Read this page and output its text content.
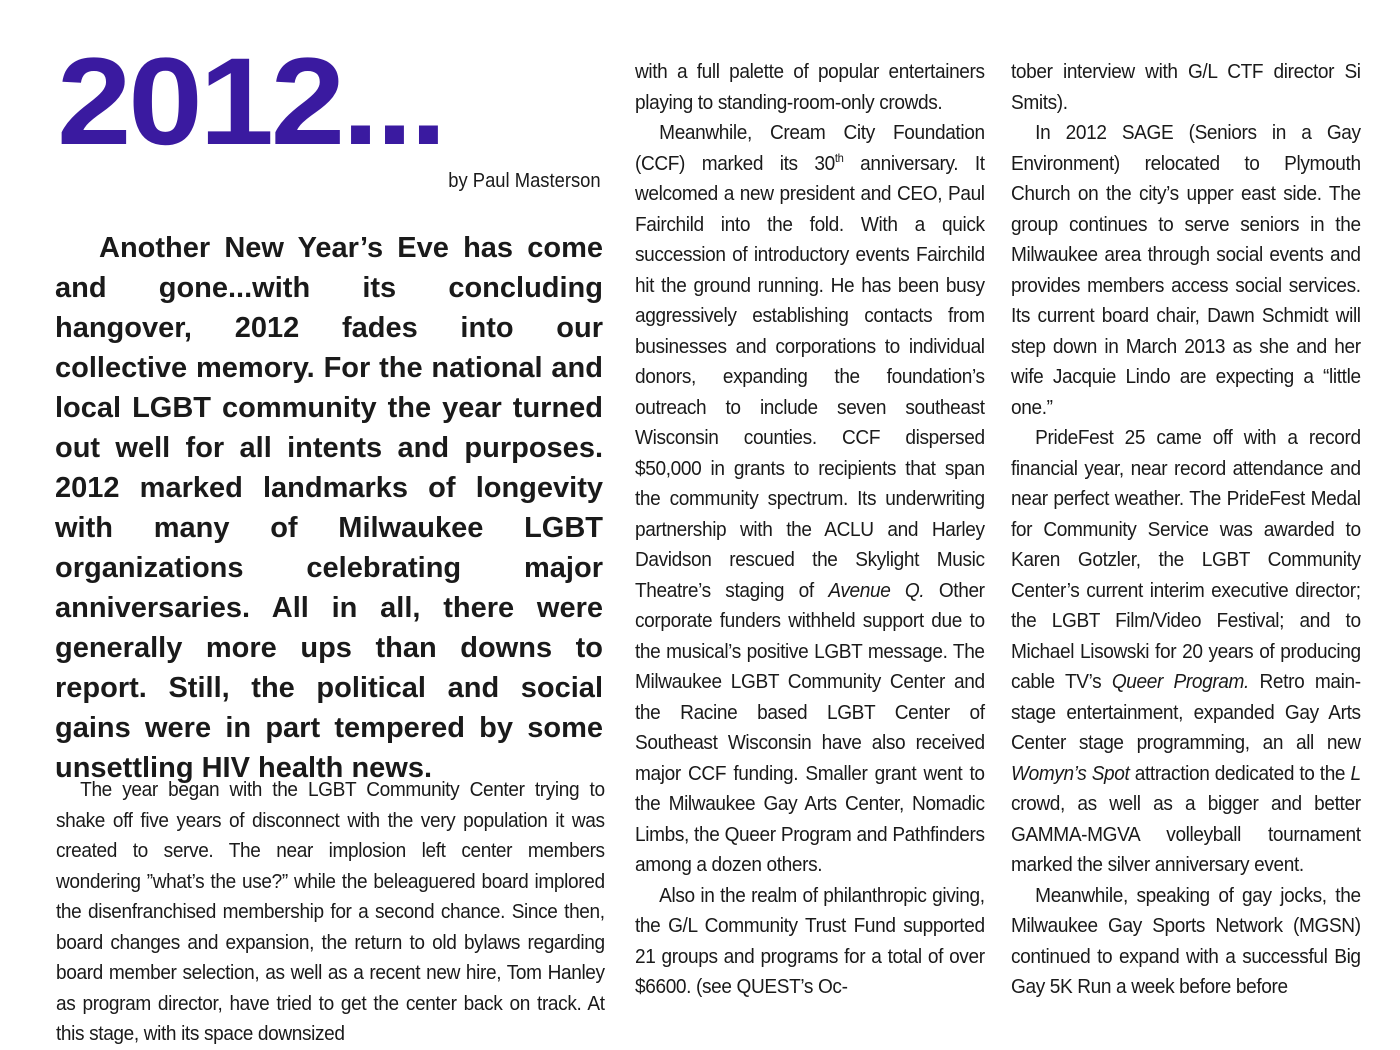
2012...
by Paul Masterson

Another New Year’s Eve has come and gone...with its concluding hangover, 2012 fades into our collective memory. For the national and local LGBT community the year turned out well for all intents and purposes. 2012 marked landmarks of longevity with many of Milwaukee LGBT organizations celebrating major anniversaries. All in all, there were generally more ups than downs to report. Still, the political and social gains were in part tempered by some unsettling HIV health news.

The year began with the LGBT Community Center trying to shake off five years of disconnect with the very population it was created to serve. The near implosion left center members wondering ”what’s the use?” while the beleaguered board implored the disenfranchised membership for a second chance. Since then, board changes and expansion, the return to old bylaws regarding board member selection, as well as a recent new hire, Tom Hanley as program director, have tried to get the center back on track. At this stage, with its space downsized

with a full palette of popular entertainers playing to standing-room-only crowds.

Meanwhile, Cream City Foundation (CCF) marked its 30th anniversary. It welcomed a new president and CEO, Paul Fairchild into the fold. With a quick succession of introductory events Fairchild hit the ground running. He has been busy aggressively establishing contacts from businesses and corporations to individual donors, expanding the foundation’s outreach to include seven southeast Wisconsin counties. CCF dispersed $50,000 in grants to recipients that span the community spectrum. Its underwriting partnership with the ACLU and Harley Davidson rescued the Skylight Music Theatre’s staging of Avenue Q. Other corporate funders withheld support due to the musical’s positive LGBT message. The Milwaukee LGBT Community Center and the Racine based LGBT Center of Southeast Wisconsin have also received major CCF funding. Smaller grant went to the Milwaukee Gay Arts Center, Nomadic Limbs, the Queer Program and Pathfinders among a dozen others.

Also in the realm of philanthropic giving, the G/L Community Trust Fund supported 21 groups and programs for a total of over $6600. (see QUEST’s Oc-

tober interview with G/L CTF director Si Smits).

In 2012 SAGE (Seniors in a Gay Environment) relocated to Plymouth Church on the city’s upper east side. The group continues to serve seniors in the Milwaukee area through social events and provides members access social services. Its current board chair, Dawn Schmidt will step down in March 2013 as she and her wife Jacquie Lindo are expecting a “little one.”

PrideFest 25 came off with a record financial year, near record attendance and near perfect weather. The PrideFest Medal for Community Service was awarded to Karen Gotzler, the LGBT Community Center’s current interim executive director; the LGBT Film/Video Festival; and to Michael Lisowski for 20 years of producing cable TV’s Queer Program. Retro main-stage entertainment, expanded Gay Arts Center stage programming, an all new Womyn’s Spot attraction dedicated to the L crowd, as well as a bigger and better GAMMA-MGVA volleyball tournament marked the silver anniversary event.

Meanwhile, speaking of gay jocks, the Milwaukee Gay Sports Network (MGSN) continued to expand with a successful Big Gay 5K Run a week before before
